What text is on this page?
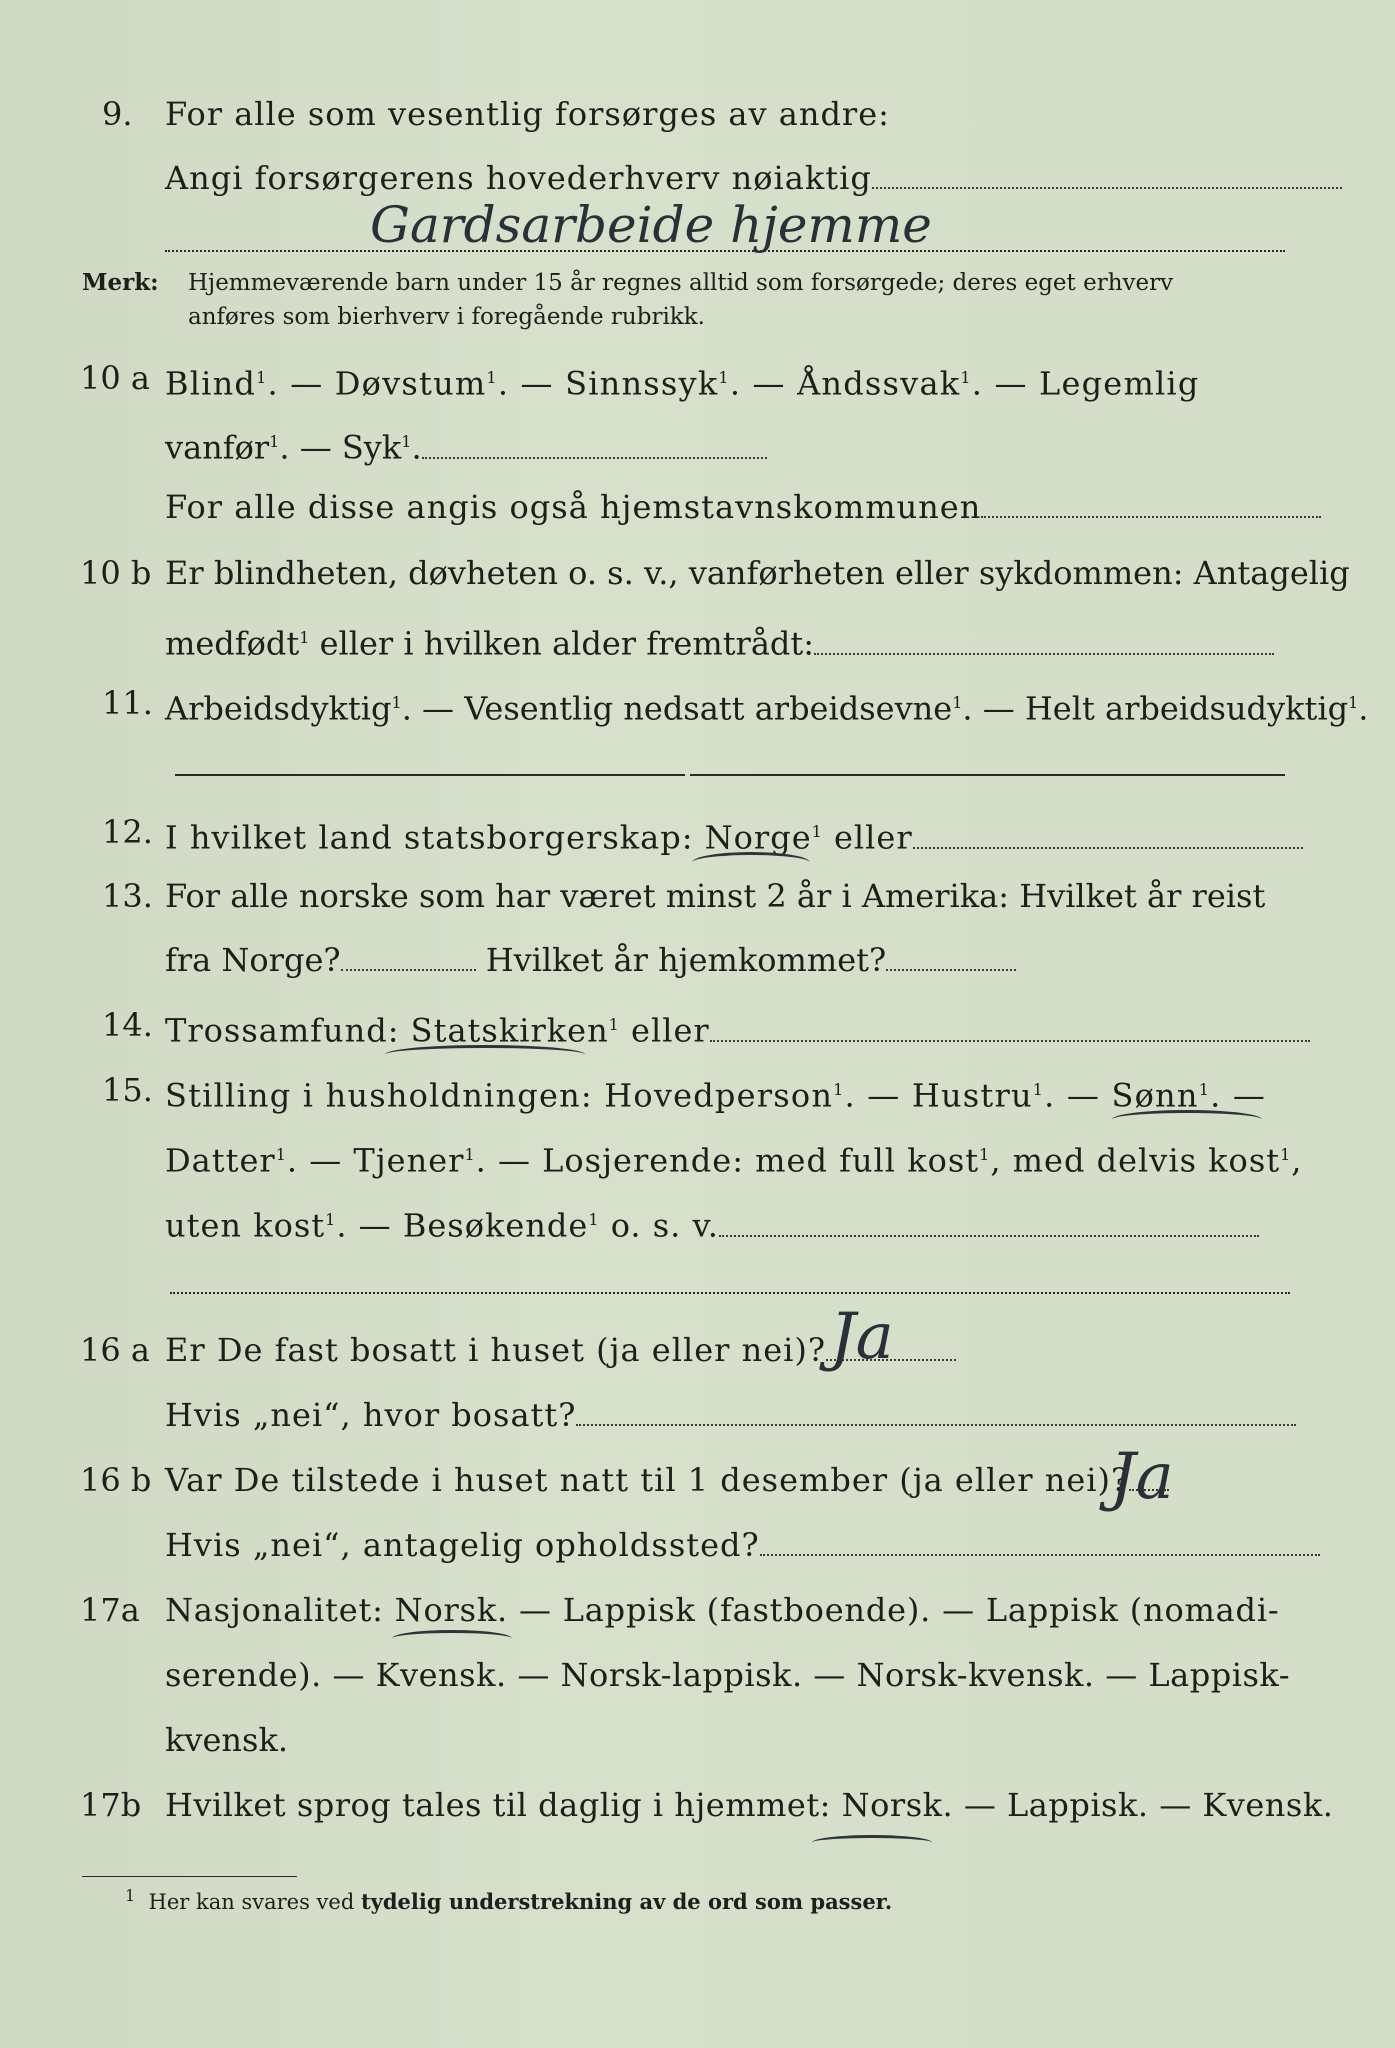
9. For alle som vesentlig forsørges av andre:
Angi forsørgerens hovederhverv nøiaktig
Gardsarbeide hjemme
Merk: Hjemmeværende barn under 15 år regnes alltid som forsørgede; deres eget erhverv
anføres som bierhverv i foregående rubrikk.
10 a Blind$^1$. — Døvstum$^1$. — Sinnssyk$^1$. — Åndssvak$^1$. — Legemlig
vanfør$^1$. — Syk$^1$.
For alle disse angis også hjemstavnskommunen
10 b Er blindheten, døvheten o. s. v., vanførheten eller sykdommen: Antagelig
medfødt$^1$ eller i hvilken alder fremtrådt:
11. Arbeidsdyktig$^1$. — Vesentlig nedsatt arbeidsevne$^1$. — Helt arbeidsudyktig$^1$.
12. I hvilket land statsborgerskap: Norge$^1$ eller
13. For alle norske som har været minst 2 år i Amerika: Hvilket år reist
fra Norge?	Hvilket år hjemkommet?
14. Trossamfund: Statskirken$^1$ eller
15. Stilling i husholdningen: Hovedperson$^1$. — Hustru$^1$. — Sønn$^1$. —
Datter$^1$. — Tjener$^1$. — Losjerende: med full kost$^1$, med delvis kost$^1$,
uten kost$^1$. — Besøkende$^1$ o. s. v.
16 a Er De fast bosatt i huset (ja eller nei)? Ja
Hvis „nei“, hvor bosatt?
16 b Var De tilstede i huset natt til 1 desember (ja eller nei)?
Ja
Hvis „nei“, antagelig opholdssted?
17a Nasjonalitet: Norsk. — Lappisk (fastboende). — Lappisk (nomadi-
serende). — Kvensk. — Norsk-lappisk. — Norsk-kvensk. — Lappisk-
kvensk.
17b Hvilket sprog tales til daglig i hjemmet: Norsk. — Lappisk. — Kvensk.
$^1$ Her kan svares ved tydelig understrekning av de ord som passer.
